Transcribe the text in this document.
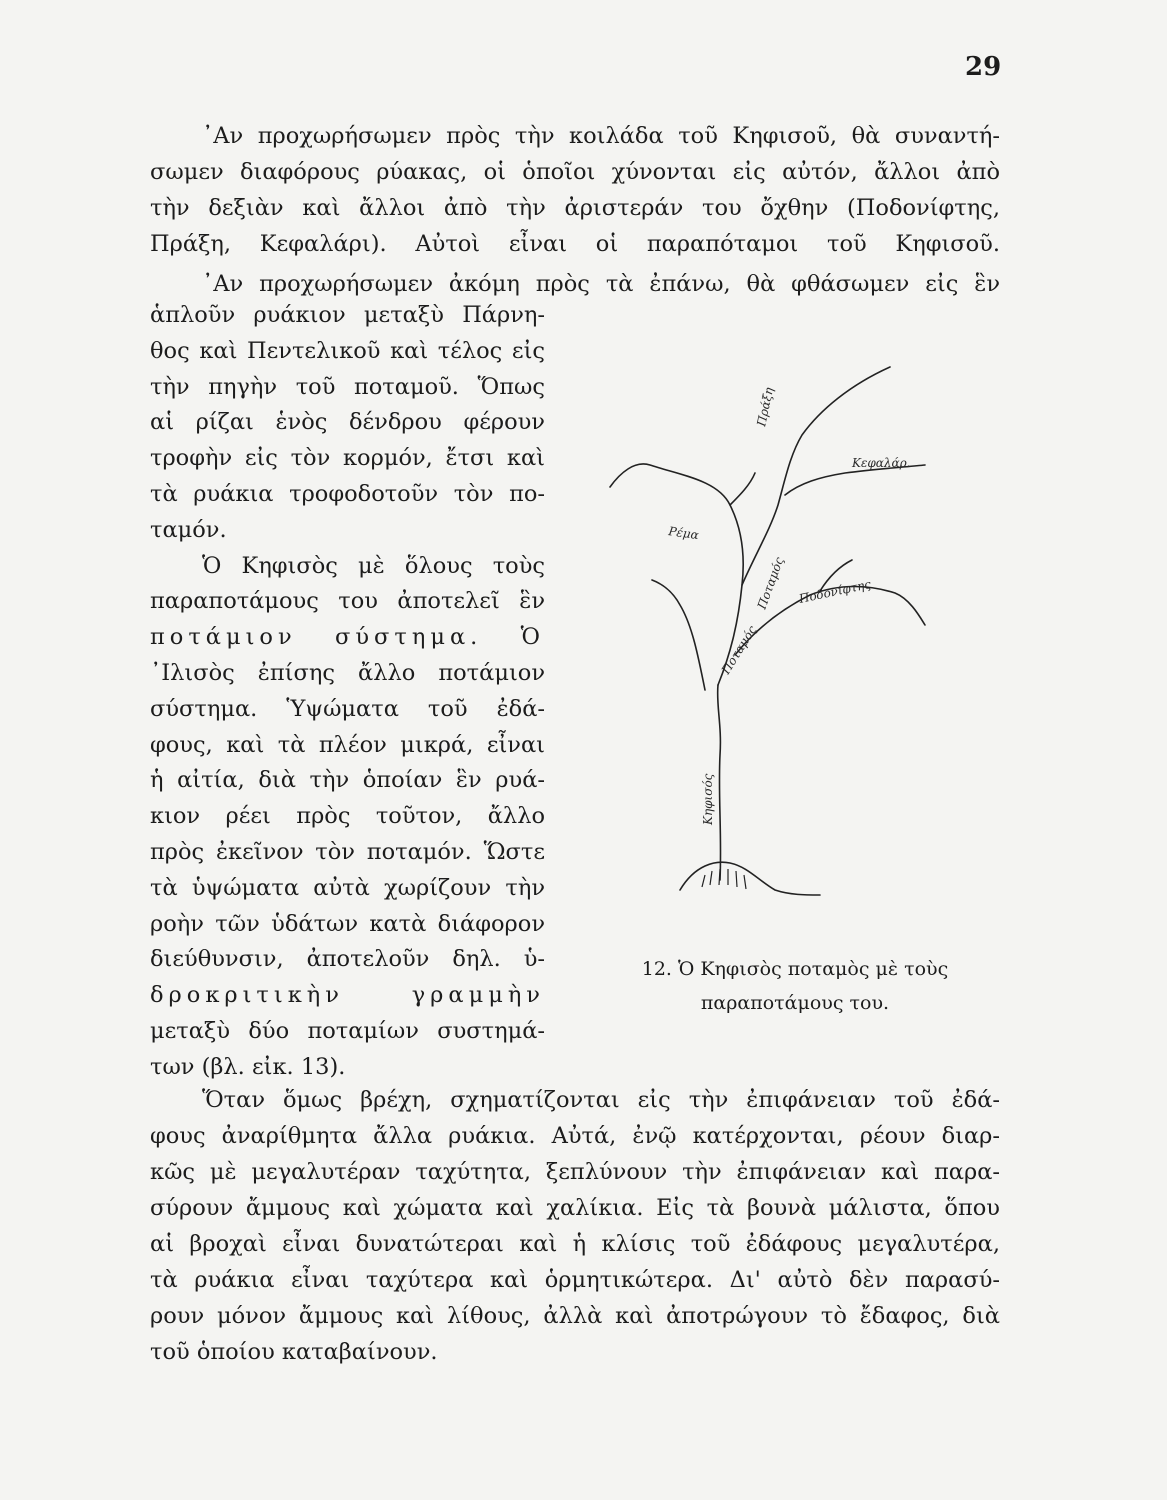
29
᾿Αν προχωρήσωμεν πρὸς τὴν κοιλάδα τοῦ Κηφισοῦ, θὰ συναντή-
σωμεν διαφόρους ρύακας, οἱ ὁποῖοι χύνονται εἰς αὐτόν, ἄλλοι ἀπὸ
τὴν δεξιὰν καὶ ἄλλοι ἀπὸ τὴν ἀριστεράν του ὄχθην (Ποδονίφτης,
Πράξη, Κεφαλάρι). Αὐτοὶ εἶναι οἱ παραπόταμοι τοῦ Κηφισοῦ.
᾿Αν προχωρήσωμεν ἀκόμη πρὸς τὰ ἐπάνω, θὰ φθάσωμεν εἰς ἓν
ἁπλοῦν ρυάκιον μεταξὺ Πάρνη-
θος καὶ Πεντελικοῦ καὶ τέλος εἰς
τὴν πηγὴν τοῦ ποταμοῦ. Ὅπως
αἱ ρίζαι ἑνὸς δένδρου φέρουν
τροφὴν εἰς τὸν κορμόν, ἔτσι καὶ
τὰ ρυάκια τροφοδοτοῦν τὸν πο-
ταμόν.
Ὁ Κηφισὸς μὲ ὅλους τοὺς
παραποτάμους του ἀποτελεῖ ἓν
ποτάμιον σύστημα. Ὁ
᾿Ιλισὸς ἐπίσης ἄλλο ποτάμιον
σύστημα. Ὑψώματα τοῦ ἐδά-
φους, καὶ τὰ πλέον μικρά, εἶναι
ἡ αἰτία, διὰ τὴν ὁποίαν ἓν ρυά-
κιον ρέει πρὸς τοῦτον, ἄλλο
πρὸς ἐκεῖνον τὸν ποταμόν. Ὥστε
τὰ ὑψώματα αὐτὰ χωρίζουν τὴν
ροὴν τῶν ὑδάτων κατὰ διάφορον
διεύθυνσιν, ἀποτελοῦν δηλ. ὑ-
δροκριτικὴν γραμμὴν
μεταξὺ δύο ποταμίων συστημά-
των (βλ. εἰκ. 13).
Πράξη
Κεφαλάρ.
Ρέμα
Ποδονίφτης
Ποταμός
Ποταμός
Κηφισός
12. Ὁ Κηφισὸς ποταμὸς μὲ τοὺς
παραποτάμους του.
Ὅταν ὅμως βρέχη, σχηματίζονται εἰς τὴν ἐπιφάνειαν τοῦ ἐδά-
φους ἀναρίθμητα ἄλλα ρυάκια. Αὐτά, ἐνῷ κατέρχονται, ρέουν διαρ-
κῶς μὲ μεγαλυτέραν ταχύτητα, ξεπλύνουν τὴν ἐπιφάνειαν καὶ παρα-
σύρουν ἄμμους καὶ χώματα καὶ χαλίκια. Εἰς τὰ βουνὰ μάλιστα, ὅπου
αἱ βροχαὶ εἶναι δυνατώτεραι καὶ ἡ κλίσις τοῦ ἐδάφους μεγαλυτέρα,
τὰ ρυάκια εἶναι ταχύτερα καὶ ὁρμητικώτερα. Δι' αὐτὸ δὲν παρασύ-
ρουν μόνον ἄμμους καὶ λίθους, ἀλλὰ καὶ ἀποτρώγουν τὸ ἔδαφος, διὰ
τοῦ ὁποίου καταβαίνουν.
